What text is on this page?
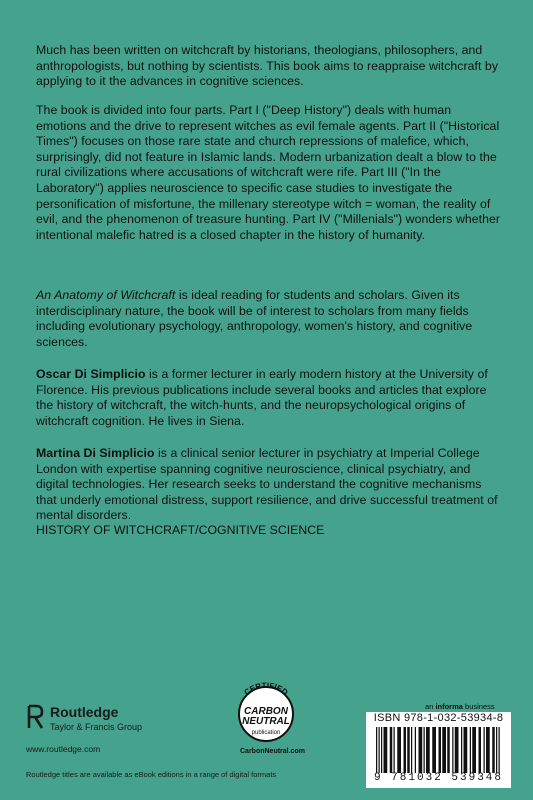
Much has been written on witchcraft by historians, theologians, philosophers, and anthropologists, but nothing by scientists. This book aims to reappraise witchcraft by applying to it the advances in cognitive sciences.

The book is divided into four parts. Part I ("Deep History") deals with human emotions and the drive to represent witches as evil female agents. Part II ("Historical Times") focuses on those rare state and church repressions of malefice, which, surprisingly, did not feature in Islamic lands. Modern urbanization dealt a blow to the rural civilizations where accusations of witchcraft were rife. Part III ("In the Laboratory") applies neuroscience to specific case studies to investigate the personification of misfortune, the millenary stereotype witch = woman, the reality of evil, and the phenomenon of treasure hunting. Part IV ("Millenials") wonders whether intentional malefic hatred is a closed chapter in the history of humanity.

An Anatomy of Witchcraft is ideal reading for students and scholars. Given its interdisciplinary nature, the book will be of interest to scholars from many fields including evolutionary psychology, anthropology, women's history, and cognitive sciences.

Oscar Di Simplicio is a former lecturer in early modern history at the University of Florence. His previous publications include several books and articles that explore the history of witchcraft, the witch-hunts, and the neuropsychological origins of witchcraft cognition. He lives in Siena.

Martina Di Simplicio is a clinical senior lecturer in psychiatry at Imperial College London with expertise spanning cognitive neuroscience, clinical psychiatry, and digital technologies. Her research seeks to understand the cognitive mechanisms that underly emotional distress, support resilience, and drive successful treatment of mental disorders.

HISTORY OF WITCHCRAFT/COGNITIVE SCIENCE
Routledge
Taylor & Francis Group
www.routledge.com
CERTIFIED
CARBON
NEUTRAL
publication
CarbonNeutral.com
an informa business
ISBN 978-1-032-53934-8
9 781032 539348
Routledge titles are available as eBook editions in a range of digital formats
